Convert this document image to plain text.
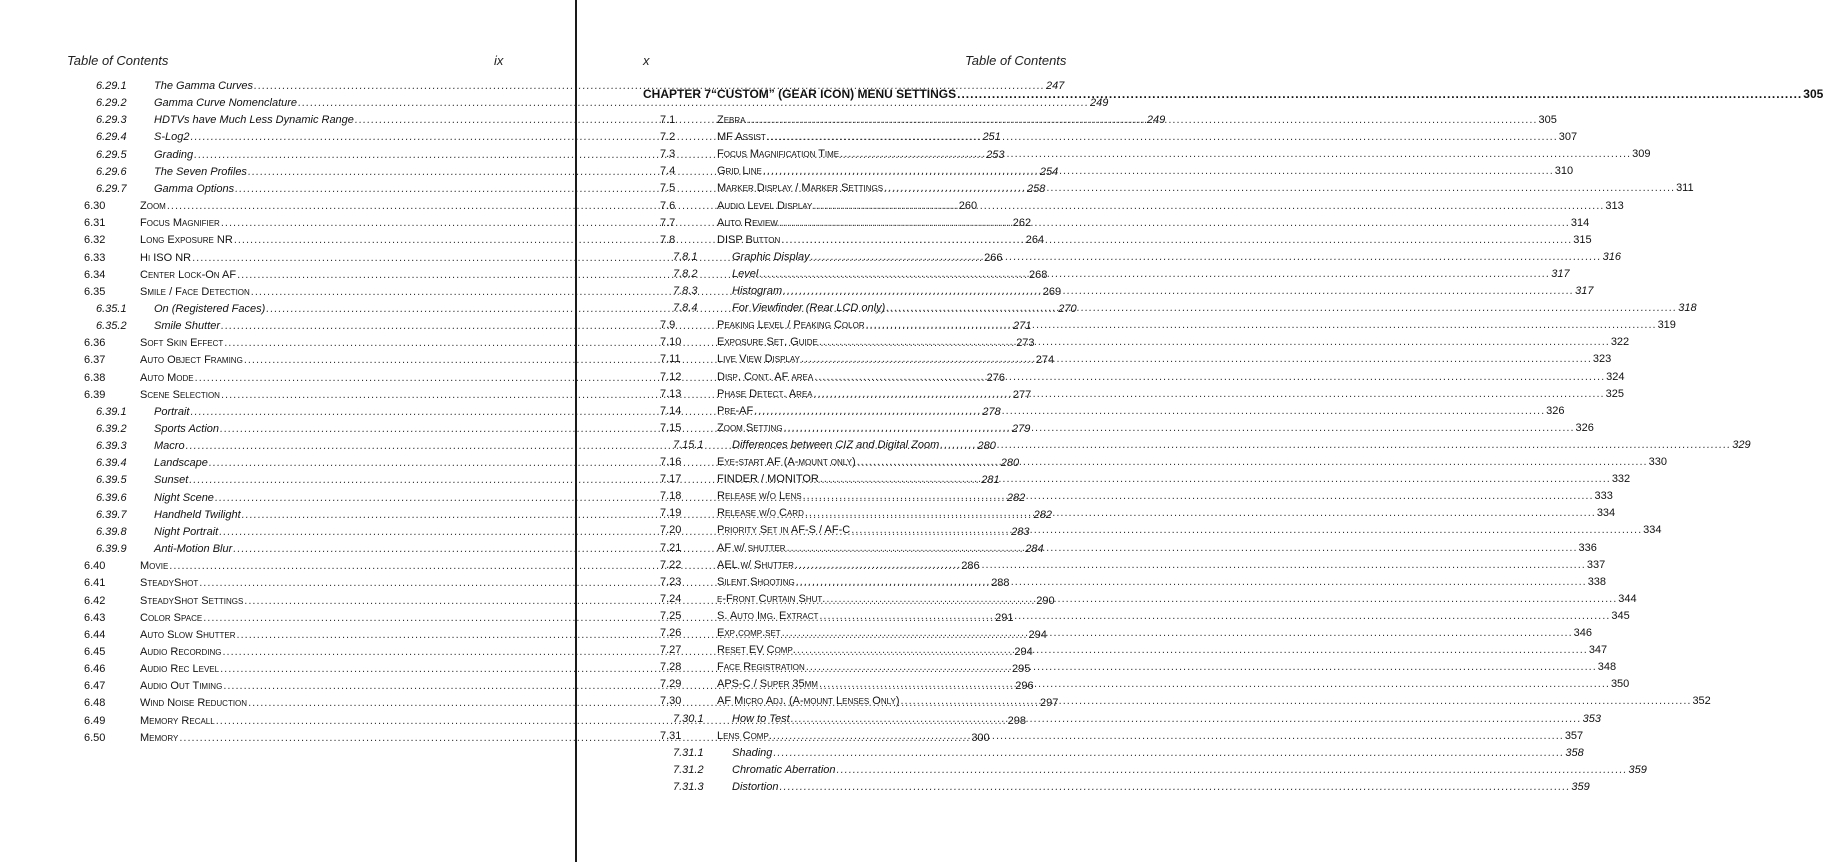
Table of Contents	ix
6.29.1	The Gamma Curves .....	247
6.29.2	Gamma Curve Nomenclature .....	249
6.29.3	HDTVs have Much Less Dynamic Range .....	249
6.29.4	S-Log2 .....	251
6.29.5	Grading .....	253
6.29.6	The Seven Profiles .....	254
6.29.7	Gamma Options .....	258
6.30	Zoom .....	260
6.31	Focus Magnifier .....	262
6.32	Long Exposure NR .....	264
6.33	Hi ISO NR .....	266
6.34	Center Lock-On AF .....	268
6.35	Smile / Face Detection .....	269
6.35.1	On (Registered Faces) .....	270
6.35.2	Smile Shutter .....	271
6.36	Soft Skin Effect .....	273
6.37	Auto Object Framing .....	274
6.38	Auto Mode .....	276
6.39	Scene Selection .....	277
6.39.1	Portrait .....	278
6.39.2	Sports Action .....	279
6.39.3	Macro .....	280
6.39.4	Landscape .....	280
6.39.5	Sunset .....	281
6.39.6	Night Scene .....	282
6.39.7	Handheld Twilight .....	282
6.39.8	Night Portrait .....	283
6.39.9	Anti-Motion Blur .....	284
6.40	Movie .....	286
6.41	SteadyShot .....	288
6.42	SteadyShot Settings .....	290
6.43	Color Space .....	291
6.44	Auto Slow Shutter .....	294
6.45	Audio Recording .....	294
6.46	Audio Rec Level .....	295
6.47	Audio Out Timing .....	296
6.48	Wind Noise Reduction .....	297
6.49	Memory Recall .....	298
6.50	Memory .....	300
x	Table of Contents
CHAPTER 7 “CUSTOM” (GEAR ICON) MENU SETTINGS .....	305
7.1	Zebra .....	305
7.2	MF Assist .....	307
7.3	Focus Magnification Time .....	309
7.4	Grid Line .....	310
7.5	Marker Display / Marker Settings .....	311
7.6	Audio Level Display .....	313
7.7	Auto Review .....	314
7.8	DISP Button .....	315
7.8.1	Graphic Display .....	316
7.8.2	Level .....	317
7.8.3	Histogram .....	317
7.8.4	For Viewfinder (Rear LCD only) .....	318
7.9	Peaking Level / Peaking Color .....	319
7.10	Exposure Set. Guide .....	322
7.11	Live View Display .....	323
7.12	Disp. Cont. AF area .....	324
7.13	Phase Detect. Area .....	325
7.14	Pre-AF .....	326
7.15	Zoom Setting .....	326
7.15.1	Differences between CIZ and Digital Zoom .....	329
7.16	Eye-start AF (A-mount only) .....	330
7.17	FINDER / MONITOR .....	332
7.18	Release w/o Lens .....	333
7.19	Release w/o Card .....	334
7.20	Priority Set in AF-S / AF-C .....	334
7.21	AF w/ shutter .....	336
7.22	AEL w/ Shutter .....	337
7.23	Silent Shooting .....	338
7.24	e-Front Curtain Shut. .....	344
7.25	S. Auto Img. Extract .....	345
7.26	Exp.comp.set .....	346
7.27	Reset EV Comp. .....	347
7.28	Face Registration .....	348
7.29	APS-C / Super 35mm .....	350
7.30	AF Micro Adj. (A-mount Lenses Only) .....	352
7.30.1	How to Test .....	353
7.31	Lens Comp. .....	357
7.31.1	Shading .....	358
7.31.2	Chromatic Aberration .....	359
7.31.3	Distortion .....	359
